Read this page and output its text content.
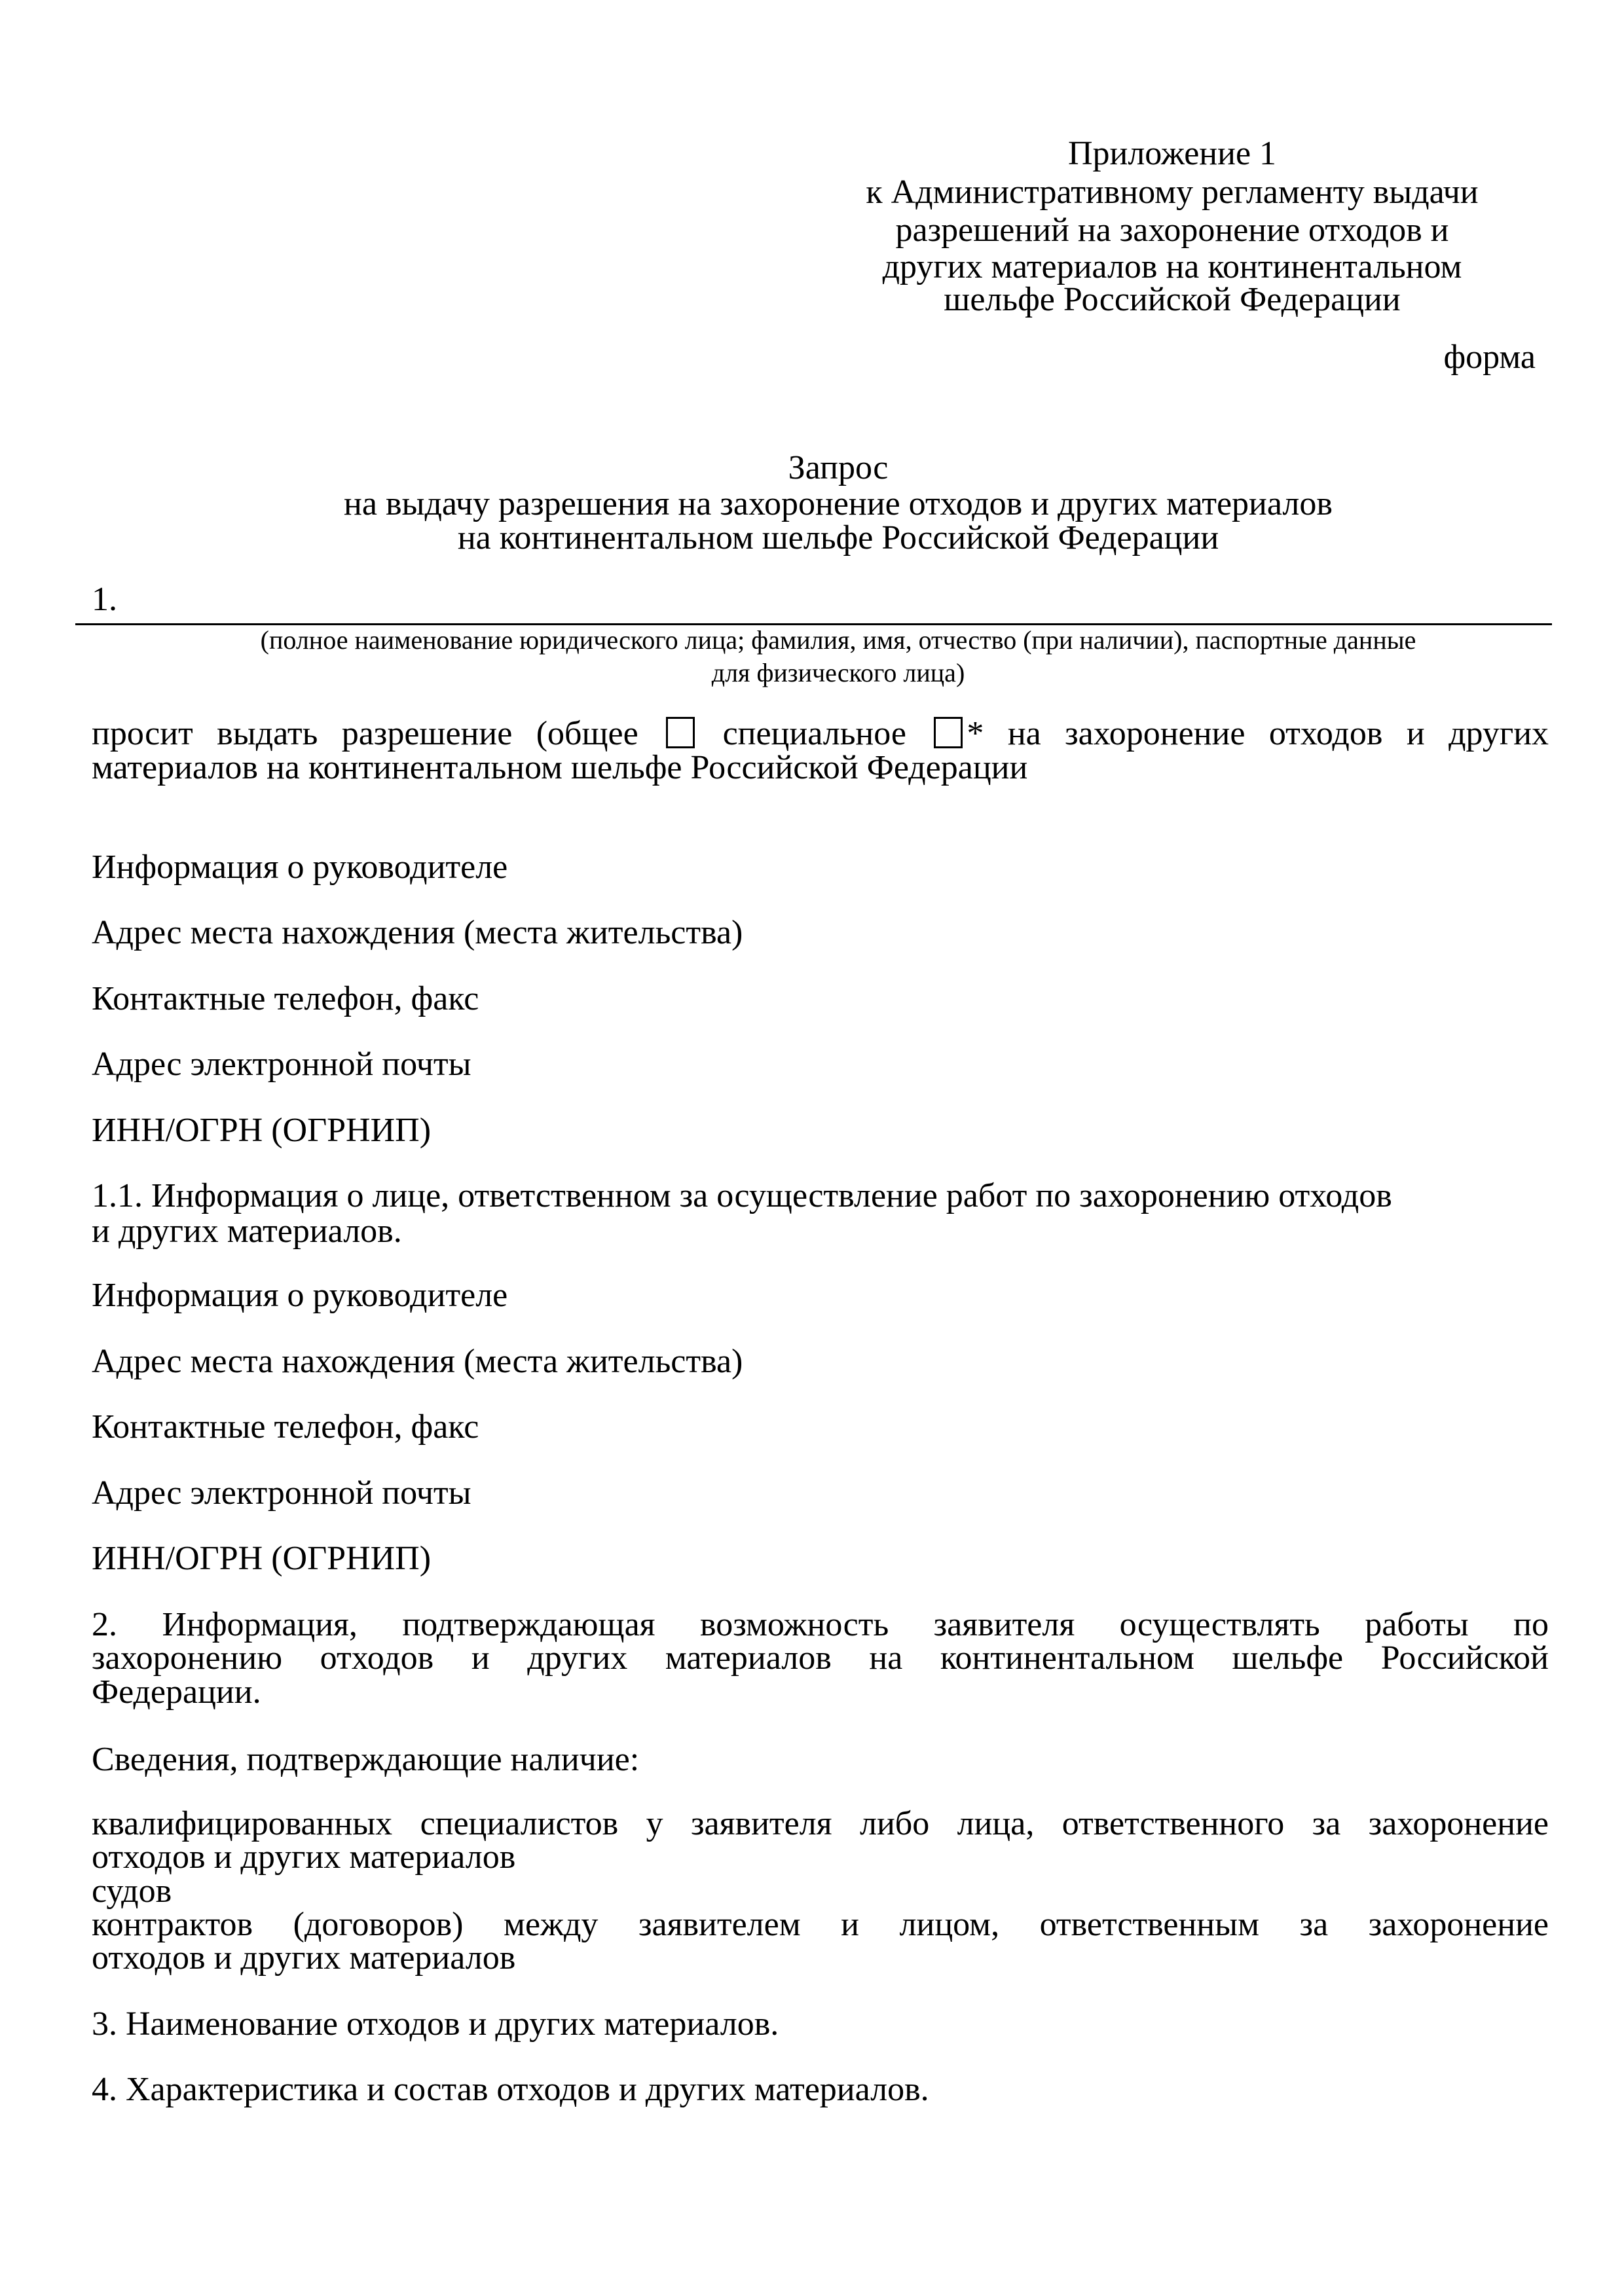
Приложение 1
к Административному регламенту выдачи
разрешений на захоронение отходов и
других материалов на континентальном
шельфе Российской Федерации
форма
Запрос
на выдачу разрешения на захоронение отходов и других материалов
на континентальном шельфе Российской Федерации
1.
(полное наименование юридического лица; фамилия, имя, отчество (при наличии), паспортные данные
для физического лица)
просит выдать разрешение (общее специальное * на захоронение отходов и других
материалов на континентальном шельфе Российской Федерации
Информация о руководителе
Адрес места нахождения (места жительства)
Контактные телефон, факс
Адрес электронной почты
ИНН/ОГРН (ОГРНИП)
1.1. Информация о лице, ответственном за осуществление работ по захоронению отходов
и других материалов.
Информация о руководителе
Адрес места нахождения (места жительства)
Контактные телефон, факс
Адрес электронной почты
ИНН/ОГРН (ОГРНИП)
2. Информация, подтверждающая возможность заявителя осуществлять работы по
захоронению отходов и других материалов на континентальном шельфе Российской
Федерации.
Сведения, подтверждающие наличие:
квалифицированных специалистов у заявителя либо лица, ответственного за захоронение
отходов и других материалов
судов
контрактов (договоров) между заявителем и лицом, ответственным за захоронение
отходов и других материалов
3. Наименование отходов и других материалов.
4. Характеристика и состав отходов и других материалов.
